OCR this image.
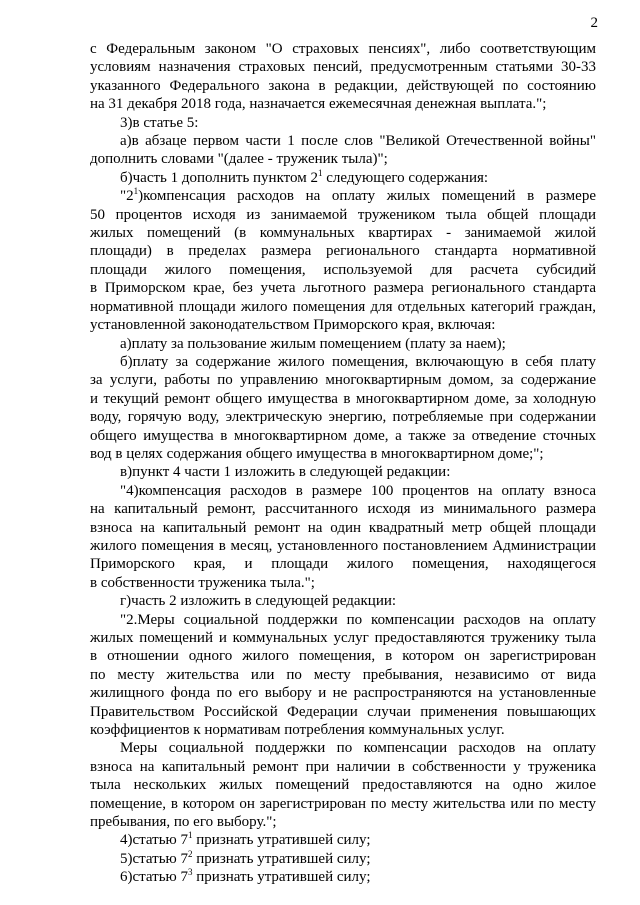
2
с Федеральным законом "О страховых пенсиях", либо соответствующим
условиям назначения страховых пенсий, предусмотренным статьями 30-33
указанного Федерального закона в редакции, действующей по состоянию
на 31 декабря 2018 года, назначается ежемесячная денежная выплата.";
3)в статье 5:
а)в абзаце первом части 1 после слов "Великой Отечественной войны"
дополнить словами "(далее - труженик тыла)";
б)часть 1 дополнить пунктом $2^1$ следующего содержания:
"$2^1)компенсация$ расходов на оплату жилых помещений в размере
50 процентов исходя из занимаемой тружеником тыла общей площади
жилых помещений (в коммунальных квартирах - занимаемой жилой
площади) в пределах размера регионального стандарта нормативной
площади жилого помещения, используемой для расчета субсидий
в Приморском крае, без учета льготного размера регионального стандарта
нормативной площади жилого помещения для отдельных категорий граждан,
установленной законодательством Приморского края, включая:
а)плату за пользование жилым помещением (плату за наем);
б)плату за содержание жилого помещения, включающую в себя плату
за услуги, работы по управлению многоквартирным домом, за содержание
и текущий ремонт общего имущества в многоквартирном доме, за холодную
воду, горячую воду, электрическую энергию, потребляемые при содержании
общего имущества в многоквартирном доме, а также за отведение сточных
вод в целях содержания общего имущества в многоквартирном доме;";
в)пункт 4 части 1 изложить в следующей редакции:
"4)компенсация расходов в размере 100 процентов на оплату взноса
на капитальный ремонт, рассчитанного исходя из минимального размера
взноса на капитальный ремонт на один квадратный метр общей площади
жилого помещения в месяц, установленного постановлением Администрации
Приморского края, и площади жилого помещения, находящегося
в собственности труженика тыла.";
г)часть 2 изложить в следующей редакции:
"2.Меры социальной поддержки по компенсации расходов на оплату
жилых помещений и коммунальных услуг предоставляются труженику тыла
в отношении одного жилого помещения, в котором он зарегистрирован
по месту жительства или по месту пребывания, независимо от вида
жилищного фонда по его выбору и не распространяются на установленные
Правительством Российской Федерации случаи применения повышающих
коэффициентов к нормативам потребления коммунальных услуг.
Меры социальной поддержки по компенсации расходов на оплату
взноса на капитальный ремонт при наличии в собственности у труженика
тыла нескольких жилых помещений предоставляются на одно жилое
помещение, в котором он зарегистрирован по месту жительства или по месту
пребывания, по его выбору.";
4)статью $7^1$ признать утратившей силу;
5)статью $7^2$ признать утратившей силу;
6)статью $7^3$ признать утратившей силу;
